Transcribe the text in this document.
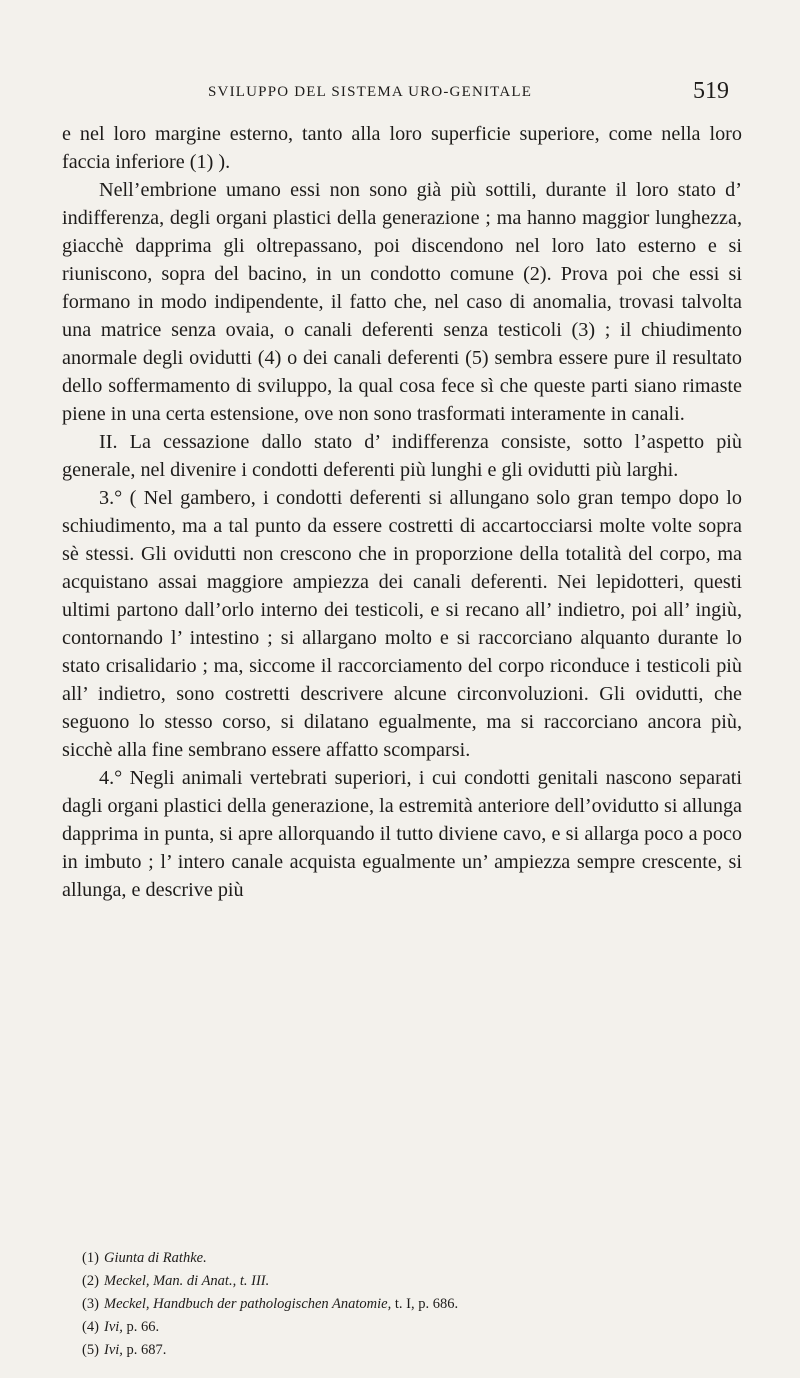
SVILUPPO DEL SISTEMA URO-GENITALE	519

e nel loro margine esterno, tanto alla loro superficie superiore, come nella loro faccia inferiore (1) ).

Nell’embrione umano essi non sono già più sottili, durante il loro stato d’ indifferenza, degli organi plastici della generazione ; ma hanno maggior lunghezza, giacchè dapprima gli oltrepassano, poi discendono nel loro lato esterno e si riuniscono, sopra del bacino, in un condotto comune (2). Prova poi che essi si formano in modo indipendente, il fatto che, nel caso di anomalia, trovasi talvolta una matrice senza ovaia, o canali deferenti senza testicoli (3) ; il chiudimento anormale degli ovidutti (4) o dei canali deferenti (5) sembra essere pure il resultato dello soffermamento di sviluppo, la qual cosa fece sì che queste parti siano rimaste piene in una certa estensione, ove non sono trasformati interamente in canali.

II. La cessazione dallo stato d’ indifferenza consiste, sotto l’aspetto più generale, nel divenire i condotti deferenti più lunghi e gli ovidutti più larghi.

3.° ( Nel gambero, i condotti deferenti si allungano solo gran tempo dopo lo schiudimento, ma a tal punto da essere costretti di accartocciarsi molte volte sopra sè stessi. Gli ovidutti non crescono che in proporzione della totalità del corpo, ma acquistano assai maggiore ampiezza dei canali deferenti. Nei lepidotteri, questi ultimi partono dall’orlo interno dei testicoli, e si recano all’ indietro, poi all’ ingiù, contornando l’ intestino ; si allargano molto e si raccorciano alquanto durante lo stato crisalidario ; ma, siccome il raccorciamento del corpo riconduce i testicoli più all’ indietro, sono costretti descrivere alcune circonvoluzioni. Gli ovidutti, che seguono lo stesso corso, si dilatano egualmente, ma si raccorciano ancora più, sicchè alla fine sembrano essere affatto scomparsi.

4.° Negli animali vertebrati superiori, i cui condotti genitali nascono separati dagli organi plastici della generazione, la estremità anteriore dell’ovidutto si allunga dapprima in punta, si apre allorquando il tutto diviene cavo, e si allarga poco a poco in imbuto ; l’ intero canale acquista egualmente un’ ampiezza sempre crescente, si allunga, e descrive più

(1) Giunta di Rathke.
(2) Meckel, Man. di Anat., t. III.
(3) Meckel, Handbuch der pathologischen Anatomie, t. I, p. 686.
(4) Ivi, p. 66.
(5) Ivi, p. 687.
